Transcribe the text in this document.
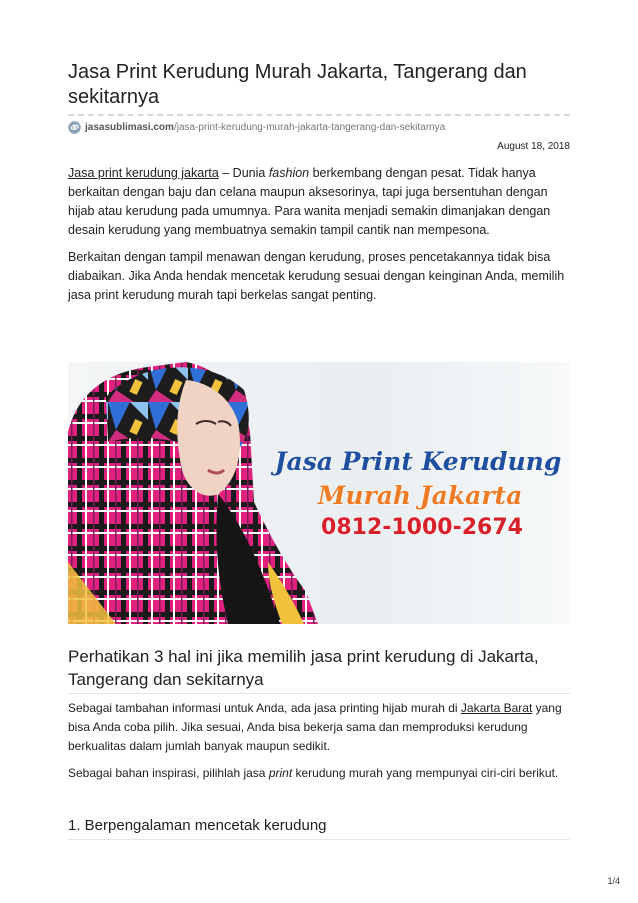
Jasa Print Kerudung Murah Jakarta, Tangerang dan sekitarnya
jasasublimasi.com/jasa-print-kerudung-murah-jakarta-tangerang-dan-sekitarnya
August 18, 2018

Jasa print kerudung jakarta – Dunia fashion berkembang dengan pesat. Tidak hanya berkaitan dengan baju dan celana maupun aksesorinya, tapi juga bersentuhan dengan hijab atau kerudung pada umumnya. Para wanita menjadi semakin dimanjakan dengan desain kerudung yang membuatnya semakin tampil cantik nan mempesona.

Berkaitan dengan tampil menawan dengan kerudung, proses pencetakannya tidak bisa diabaikan. Jika Anda hendak mencetak kerudung sesuai dengan keinginan Anda, memilih jasa print kerudung murah tapi berkelas sangat penting.

Jasa Print Kerudung
Murah Jakarta
0812-1000-2674
Perhatikan 3 hal ini jika memilih jasa print kerudung di Jakarta, Tangerang dan sekitarnya

Sebagai tambahan informasi untuk Anda, ada jasa printing hijab murah di Jakarta Barat yang bisa Anda coba pilih. Jika sesuai, Anda bisa bekerja sama dan memproduksi kerudung berkualitas dalam jumlah banyak maupun sedikit.

Sebagai bahan inspirasi, pilihlah jasa print kerudung murah yang mempunyai ciri-ciri berikut.

1. Berpengalaman mencetak kerudung
1/4
